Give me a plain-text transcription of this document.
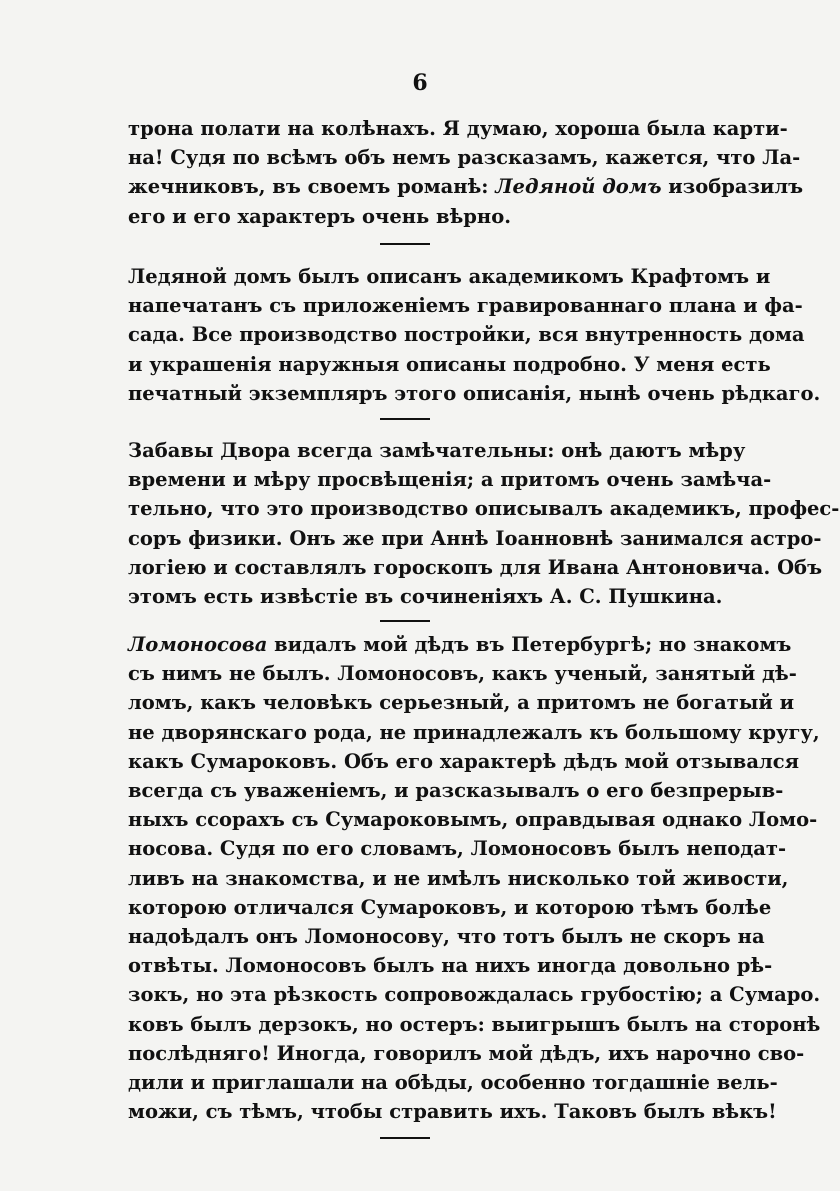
6
трона полати на колѣнахъ. Я думаю, хороша была карти-
на! Судя по всѣмъ объ немъ разсказамъ, кажется, что Ла-
жечниковъ, въ своемъ романѣ: Ледяной домъ изобразилъ
его и его характеръ очень вѣрно.
Ледяной домъ былъ описанъ академикомъ Крафтомъ и
напечатанъ съ приложеніемъ гравированнаго плана и фа-
сада. Все производство постройки, вся внутренность дома
и украшенія наружныя описаны подробно. У меня есть
печатный экземпляръ этого описанія, нынѣ очень рѣдкаго.
Забавы Двора всегда замѣчательны: онѣ даютъ мѣру
времени и мѣру просвѣщенія; а притомъ очень замѣча-
тельно, что это производство описывалъ академикъ, профес-
соръ физики. Онъ же при Аннѣ Іоанновнѣ занимался астро-
логіею и составлялъ гороскопъ для Ивана Антоновича. Объ
этомъ есть извѣстіе въ сочиненіяхъ А. С. Пушкина.
Ломоносова видалъ мой дѣдъ въ Петербургѣ; но знакомъ
съ нимъ не былъ. Ломоносовъ, какъ ученый, занятый дѣ-
ломъ, какъ человѣкъ серьезный, а притомъ не богатый и
не дворянскаго рода, не принадлежалъ къ большому кругу,
какъ Сумароковъ. Объ его характерѣ дѣдъ мой отзывался
всегда съ уваженіемъ, и разсказывалъ о его безпрерыв-
ныхъ ссорахъ съ Сумароковымъ, оправдывая однако Ломо-
носова. Судя по его словамъ, Ломоносовъ былъ неподат-
ливъ на знакомства, и не имѣлъ нисколько той живости,
которою отличался Сумароковъ, и которою тѣмъ болѣе
надоѣдалъ онъ Ломоносову, что тотъ былъ не скоръ на
отвѣты. Ломоносовъ былъ на нихъ иногда довольно рѣ-
зокъ, но эта рѣзкость сопровождалась грубостію; а Сумаро.
ковъ былъ дерзокъ, но остеръ: выигрышъ былъ на сторонѣ
послѣдняго! Иногда, говорилъ мой дѣдъ, ихъ нарочно сво-
дили и приглашали на обѣды, особенно тогдашніе вель-
можи, съ тѣмъ, чтобы стравить ихъ. Таковъ былъ вѣкъ!
